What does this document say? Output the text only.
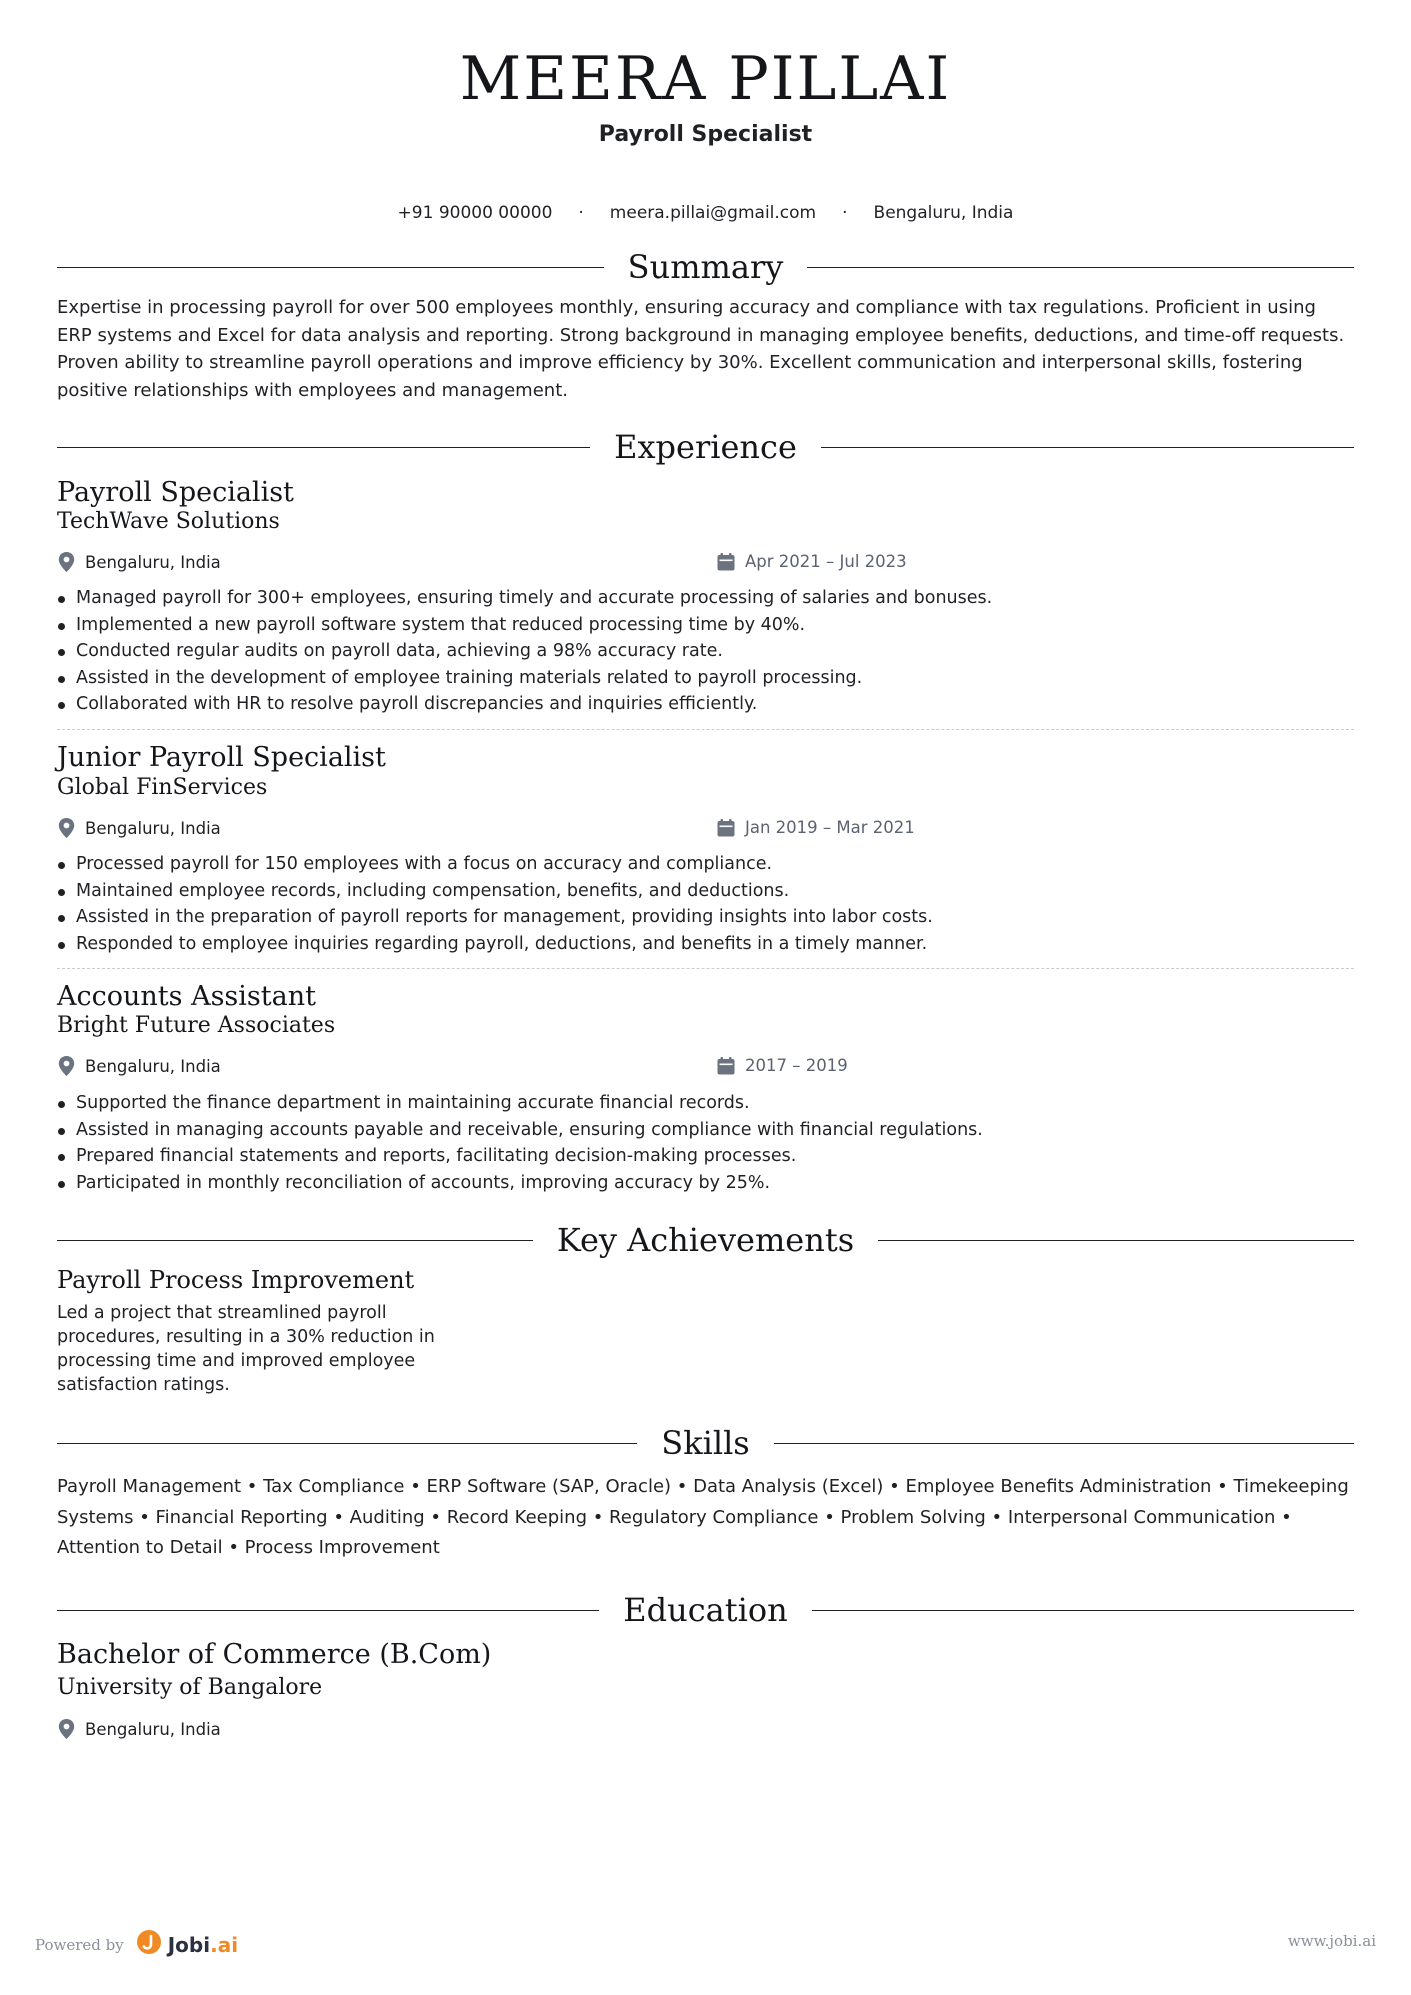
MEERA PILLAI
Payroll Specialist
+91 90000 00000 · meera.pillai@gmail.com · Bengaluru, India
Summary
Expertise in processing payroll for over 500 employees monthly, ensuring accuracy and compliance with tax regulations. Proficient in using ERP systems and Excel for data analysis and reporting. Strong background in managing employee benefits, deductions, and time-off requests. Proven ability to streamline payroll operations and improve efficiency by 30%. Excellent communication and interpersonal skills, fostering positive relationships with employees and management.
Experience
Payroll Specialist
TechWave Solutions
Bengaluru, India	Apr 2021 – Jul 2023
Managed payroll for 300+ employees, ensuring timely and accurate processing of salaries and bonuses.
Implemented a new payroll software system that reduced processing time by 40%.
Conducted regular audits on payroll data, achieving a 98% accuracy rate.
Assisted in the development of employee training materials related to payroll processing.
Collaborated with HR to resolve payroll discrepancies and inquiries efficiently.
Junior Payroll Specialist
Global FinServices
Bengaluru, India	Jan 2019 – Mar 2021
Processed payroll for 150 employees with a focus on accuracy and compliance.
Maintained employee records, including compensation, benefits, and deductions.
Assisted in the preparation of payroll reports for management, providing insights into labor costs.
Responded to employee inquiries regarding payroll, deductions, and benefits in a timely manner.
Accounts Assistant
Bright Future Associates
Bengaluru, India	2017 – 2019
Supported the finance department in maintaining accurate financial records.
Assisted in managing accounts payable and receivable, ensuring compliance with financial regulations.
Prepared financial statements and reports, facilitating decision-making processes.
Participated in monthly reconciliation of accounts, improving accuracy by 25%.
Key Achievements
Payroll Process Improvement
Led a project that streamlined payroll procedures, resulting in a 30% reduction in processing time and improved employee satisfaction ratings.
Skills
Payroll Management • Tax Compliance • ERP Software (SAP, Oracle) • Data Analysis (Excel) • Employee Benefits Administration • Timekeeping Systems • Financial Reporting • Auditing • Record Keeping • Regulatory Compliance • Problem Solving • Interpersonal Communication • Attention to Detail • Process Improvement
Education
Bachelor of Commerce (B.Com)
University of Bangalore
Bengaluru, India
Powered by Jobi.ai	www.jobi.ai
